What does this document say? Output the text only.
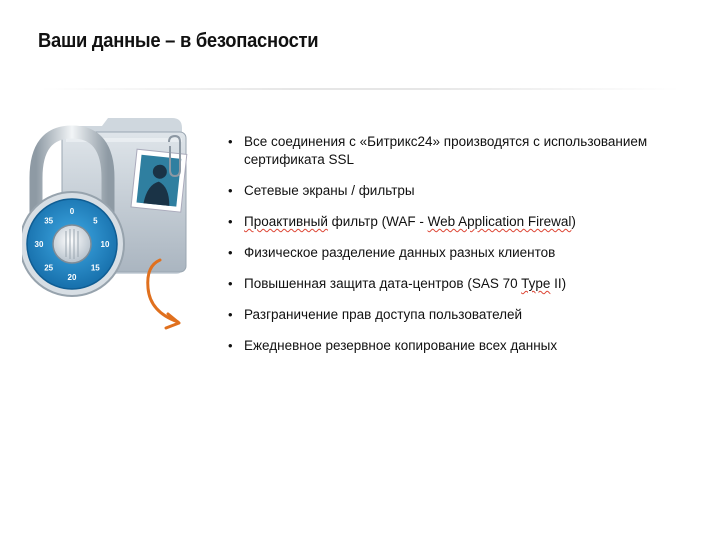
Ваши данные – в безопасности
0
5
10
15
20
25
30
35
• Все соединения с «Битрикс24» производятся с использованием сертификата SSL
• Сетевые экраны / фильтры
• Проактивный фильтр (WAF - Web Application Firewal)
• Физическое разделение данных разных клиентов
• Повышенная защита дата-центров (SAS 70 Type II)
• Разграничение прав доступа пользователей
• Ежедневное резервное копирование всех данных
